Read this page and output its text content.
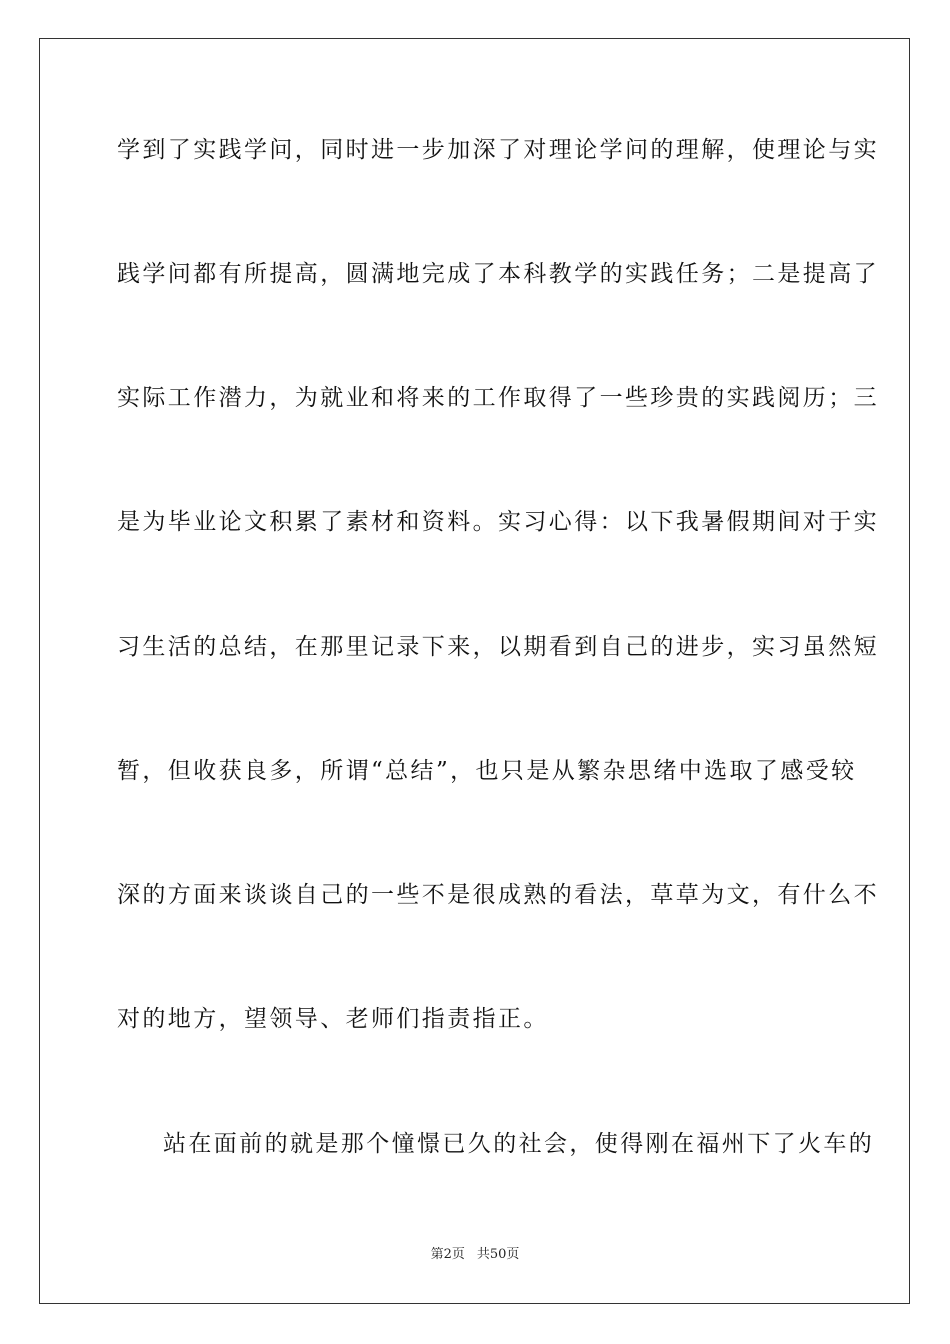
学到了实践学问，同时进一步加深了对理论学问的理解，使理论与实
践学问都有所提高，圆满地完成了本科教学的实践任务；二是提高了
实际工作潜力，为就业和将来的工作取得了一些珍贵的实践阅历；三
是为毕业论文积累了素材和资料。实习心得：以下我暑假期间对于实
习生活的总结，在那里记录下来，以期看到自己的进步，实习虽然短
暂，但收获良多，所谓“总结”，也只是从繁杂思绪中选取了感受较
深的方面来谈谈自己的一些不是很成熟的看法，草草为文，有什么不
对的地方，望领导、老师们指责指正。
站在面前的就是那个憧憬已久的社会，使得刚在福州下了火车的
第2页 共50页
